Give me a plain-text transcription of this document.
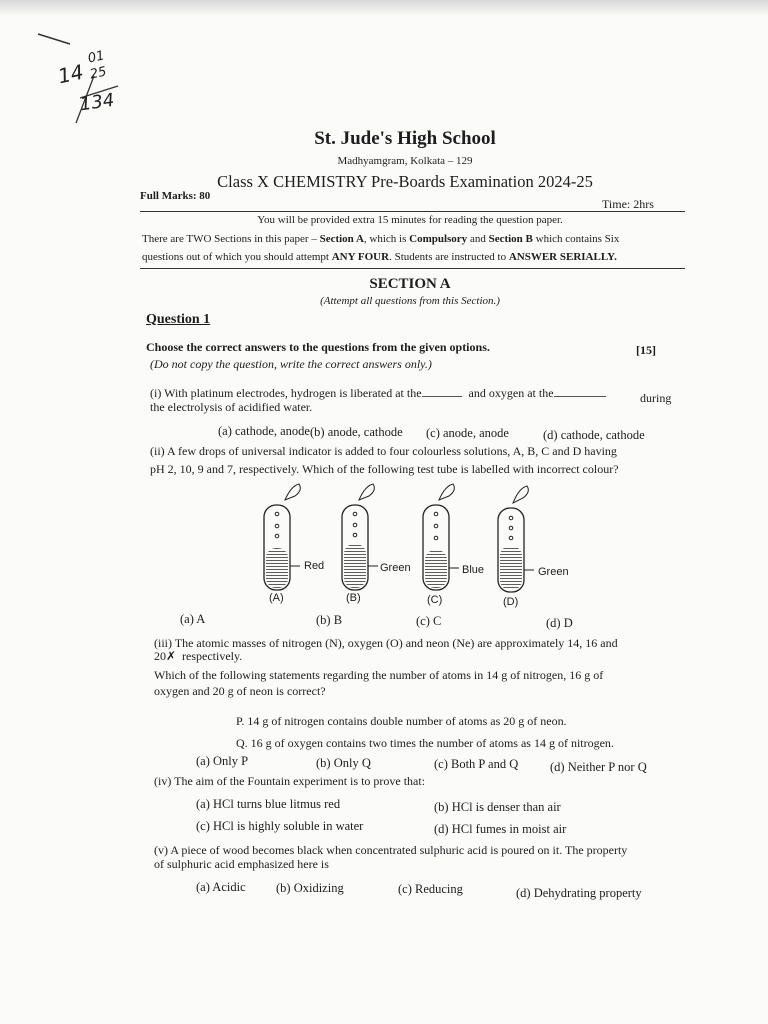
14
01
25
134
St. Jude's High School
Madhyamgram, Kolkata – 129
Class X CHEMISTRY Pre-Boards Examination 2024-25
Full Marks: 80
Time: 2hrs
You will be provided extra 15 minutes for reading the question paper.
There are TWO Sections in this paper – Section A, which is Compulsory and Section B which contains Six
questions out of which you should attempt ANY FOUR. Students are instructed to ANSWER SERIALLY.
SECTION A
(Attempt all questions from this Section.)
Question 1
Choose the correct answers to the questions from the given options.	[15]
(Do not copy the question, write the correct answers only.)
(i) With platinum electrodes, hydrogen is liberated at the	and oxygen at the	during
the electrolysis of acidified water.
(a) cathode, anode (b) anode, cathode (c) anode, anode	(d) cathode, cathode
(ii) A few drops of universal indicator is added to four colourless solutions, A, B, C and D having
pH 2, 10, 9 and 7, respectively. Which of the following test tube is labelled with incorrect colour?
Red	Green	Blue	Green
(A)	(B)	(C)	(D)
(a) A	(b) B	(c) C	(d) D
(iii) The atomic masses of nitrogen (N), oxygen (O) and neon (Ne) are approximately 14, 16 and
20✗ respectively.
Which of the following statements regarding the number of atoms in 14 g of nitrogen, 16 g of
oxygen and 20 g of neon is correct?
P. 14 g of nitrogen contains double number of atoms as 20 g of neon.
Q. 16 g of oxygen contains two times the number of atoms as 14 g of nitrogen.
(a) Only P	(b) Only Q	(c) Both P and Q	(d) Neither P nor Q
(iv) The aim of the Fountain experiment is to prove that:
(a) HCl turns blue litmus red	(b) HCl is denser than air
(c) HCl is highly soluble in water	(d) HCl fumes in moist air
(v) A piece of wood becomes black when concentrated sulphuric acid is poured on it. The property
of sulphuric acid emphasized here is
(a) Acidic (b) Oxidizing	(c) Reducing	(d) Dehydrating property
